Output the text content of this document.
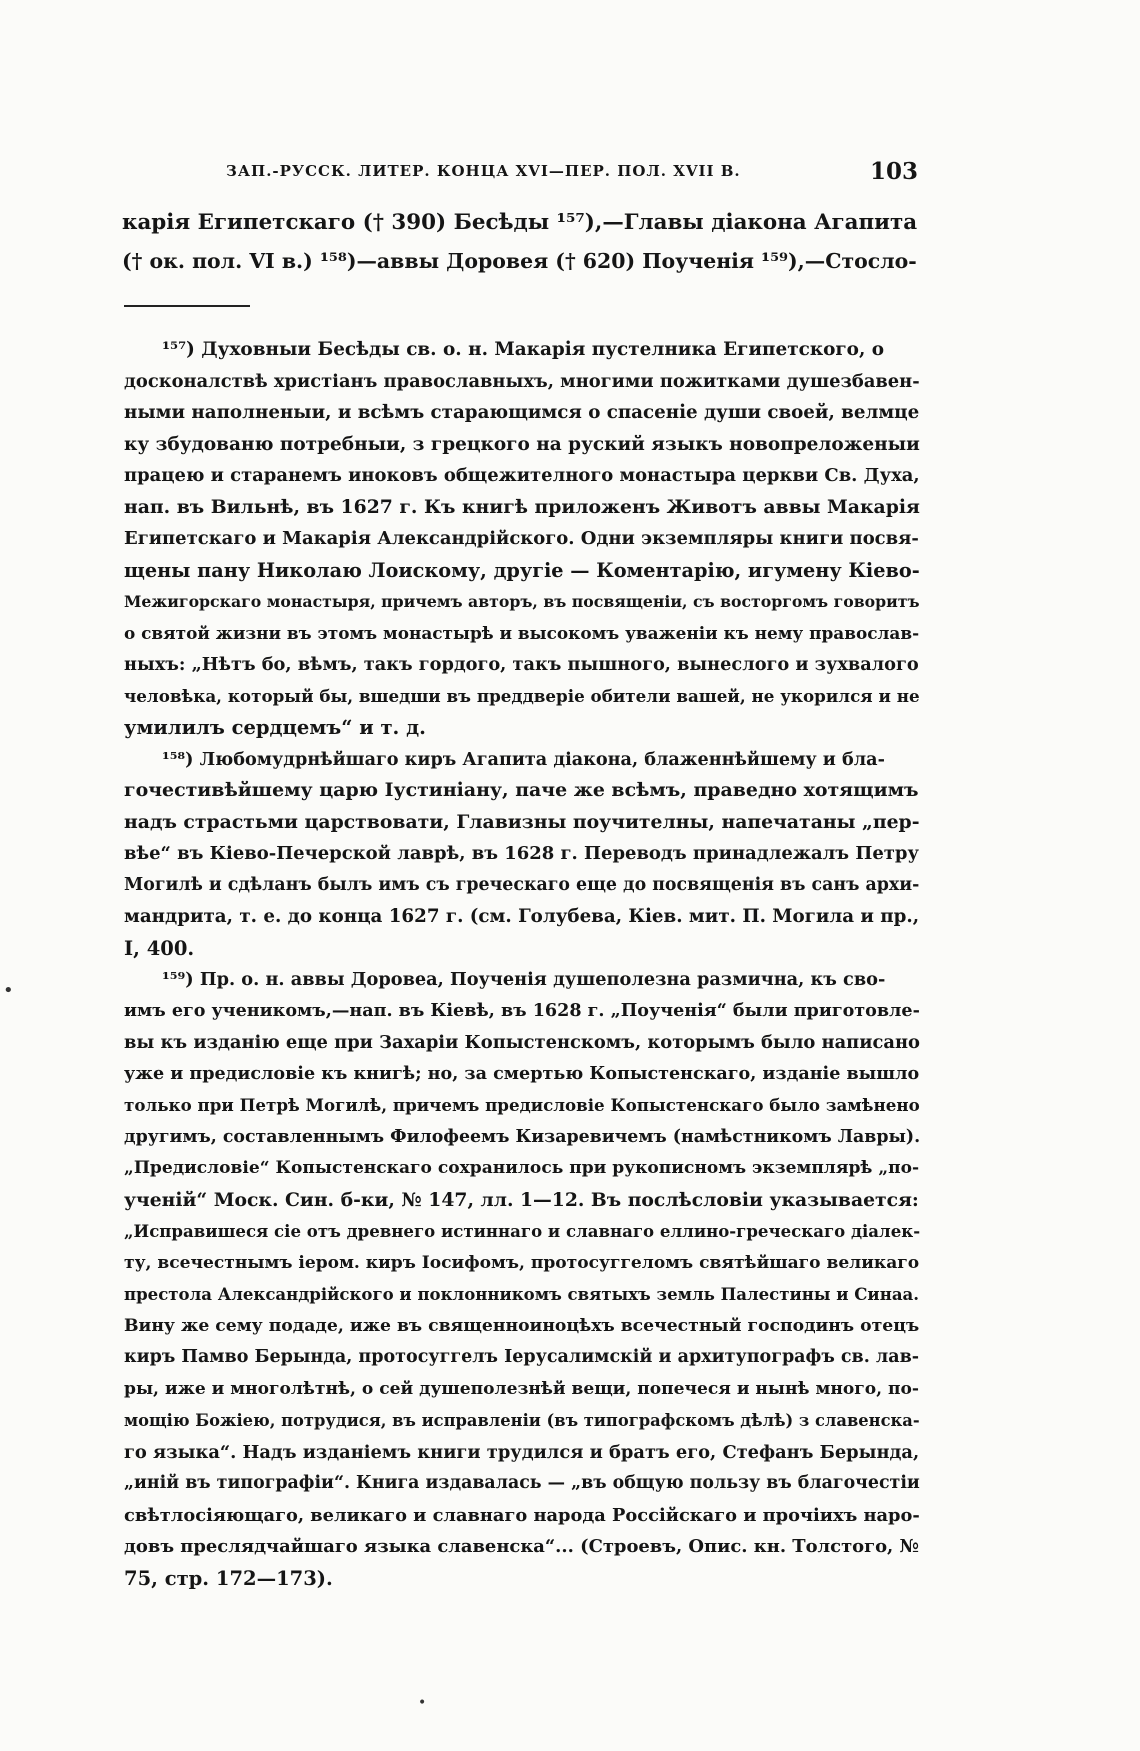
ЗАП.-РУССК. ЛИТЕР. КОНЦА XVI—ПЕР. ПОЛ. XVII В.	103
карія Египетскаго († 390) Бесѣды ¹⁵⁷),—Главы діакона Агапита
(† ок. пол. VI в.) ¹⁵⁸)—аввы Доровея († 620) Поученія ¹⁵⁹),—Стосло-
¹⁵⁷) Духовныи Бесѣды св. о. н. Макарія пустелника Египетского, о
досконалствѣ христіанъ православныхъ, многими пожитками душезбавен-
ными наполненыи, и всѣмъ старающимся о спасеніе души своей, велмце
ку збудованю потребныи, з грецкого на руский языкъ новопреложеныи
працею и старанемъ иноковъ общежителного монастыра церкви Св. Духа,
нап. въ Вильнѣ, въ 1627 г. Къ книгѣ приложенъ Животъ аввы Макарія
Египетскаго и Макарія Александрійского. Одни экземпляры книги посвя-
щены пану Николаю Лоискому, другіе — Коментарію, игумену Кіево-
Межигорскаго монастыря, причемъ авторъ, въ посвященіи, съ восторгомъ говоритъ
о святой жизни въ этомъ монастырѣ и высокомъ уваженіи къ нему православ-
ныхъ: „Нѣтъ бо, вѣмъ, такъ гордого, такъ пышного, вынеслого и зухвалого
человѣка, который бы, вшедши въ преддверіе обители вашей, не укорился и не
умилилъ сердцемъ“ и т. д.
¹⁵⁸) Любомудрнѣйшаго киръ Агапита діакона, блаженнѣйшему и бла-
гочестивѣйшему царю Іустиніану, паче же всѣмъ, праведно хотящимъ
надъ страстьми царствовати, Главизны поучителны, напечатаны „пер-
вѣе“ въ Кіево-Печерской лаврѣ, въ 1628 г. Переводъ принадлежалъ Петру
Могилѣ и сдѣланъ былъ имъ съ греческаго еще до посвященія въ санъ архи-
мандрита, т. е. до конца 1627 г. (см. Голубева, Кіев. мит. П. Могила и пр.,
I, 400.
¹⁵⁹) Пр. о. н. аввы Доровеа, Поученія душеполезна размична, къ сво-
имъ его ученикомъ,—нап. въ Кіевѣ, въ 1628 г. „Поученія“ были приготовле-
вы къ изданію еще при Захаріи Копыстенскомъ, которымъ было написано
уже и предисловіе къ книгѣ; но, за смертью Копыстенскаго, изданіе вышло
только при Петрѣ Могилѣ, причемъ предисловіе Копыстенскаго было замѣнено
другимъ, составленнымъ Филофеемъ Кизаревичемъ (намѣстникомъ Лавры).
„Предисловіе“ Копыстенскаго сохранилось при рукописномъ экземплярѣ „по-
ученій“ Моск. Син. б-ки, № 147, лл. 1—12. Въ послѣсловіи указывается:
„Исправишеся сіе отъ древнего истиннаго и славнаго еллино-греческаго діалек-
ту, всечестнымъ іером. киръ Іосифомъ, протосуггеломъ святѣйшаго великаго
престола Александрійского и поклонникомъ святыхъ земль Палестины и Синаа.
Вину же сему подаде, иже въ священноиноцѣхъ всечестный господинъ отецъ
киръ Памво Берында, протосуггелъ Іерусалимскій и архитупографъ св. лав-
ры, иже и многолѣтнѣ, о сей душеполезнѣй вещи, попечеся и нынѣ много, по-
мощію Божіею, потрудися, въ исправленіи (въ типографскомъ дѣлѣ) з славенска-
го языка“. Надъ изданіемъ книги трудился и братъ его, Стефанъ Берында,
„иній въ типографіи“. Книга издавалась — „въ общую пользу въ благочестіи
свѣтлосіяющаго, великаго и славнаго народа Россійскаго и прочіихъ наро-
довъ преслядчайшаго языка славенска“... (Строевъ, Опис. кн. Толстого, №
75, стр. 172—173).
•
•
